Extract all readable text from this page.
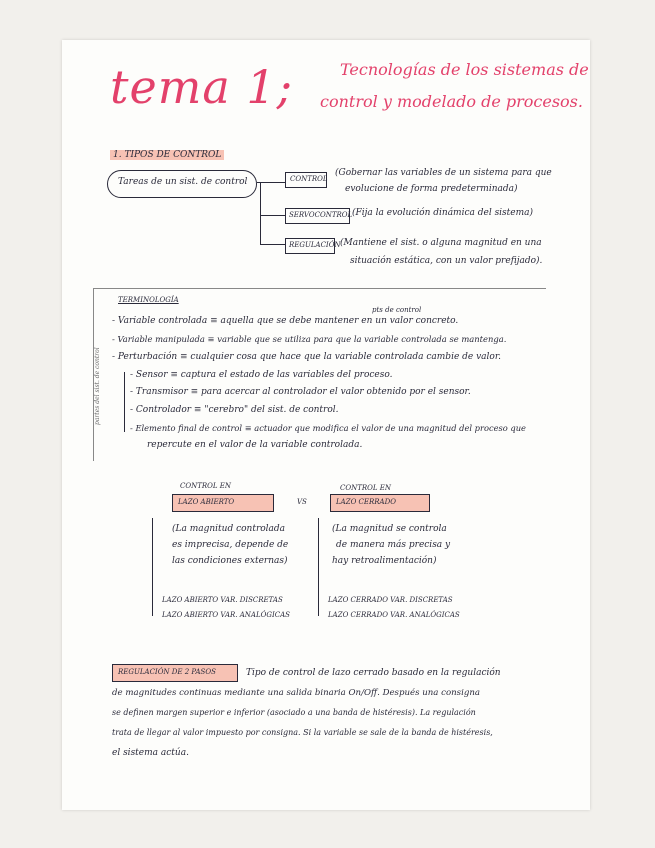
tema 1;	Tecnologías de los sistemas de
control y modelado de procesos.
1. TIPOS DE CONTROL
Tareas de un sist. de control	CONTROL
(Gobernar las variables de un sistema para que
evolucione de forma predeterminada)
SERVOCONTROL (Fija la evolución dinámica del sistema)
REGULACIÓN (Mantiene el sist. o alguna magnitud en una
situación estática, con un valor prefijado).
TERMINOLOGÍA
pts de control
- Variable controlada ≡ aquella que se debe mantener en un valor concreto.
- Variable manipulada ≡ variable que se utiliza para que la variable controlada se mantenga.
- Perturbación ≡ cualquier cosa que hace que la variable controlada cambie de valor.
- Sensor ≡ captura el estado de las variables del proceso.
- Transmisor ≡ para acercar al controlador el valor obtenido por el sensor.
- Controlador ≡ "cerebro" del sist. de control.
- Elemento final de control ≡ actuador que modifica el valor de una magnitud del proceso que
repercute en el valor de la variable controlada.
partes del sist. de control
CONTROL EN
LAZO ABIERTO	VS
CONTROL EN
LAZO CERRADO
(La magnitud controlada
es imprecisa, depende de
las condiciones externas)
(La magnitud se controla
de manera más precisa y
hay retroalimentación)
LAZO ABIERTO VAR. DISCRETAS
LAZO ABIERTO VAR. ANALÓGICAS
LAZO CERRADO VAR. DISCRETAS
LAZO CERRADO VAR. ANALÓGICAS
REGULACIÓN DE 2 PASOS	Tipo de control de lazo cerrado basado en la regulación
de magnitudes continuas mediante una salida binaria On/Off. Después una consigna
se definen margen superior e inferior (asociado a una banda de histéresis). La regulación
trata de llegar al valor impuesto por consigna. Si la variable se sale de la banda de histéresis,
el sistema actúa.
